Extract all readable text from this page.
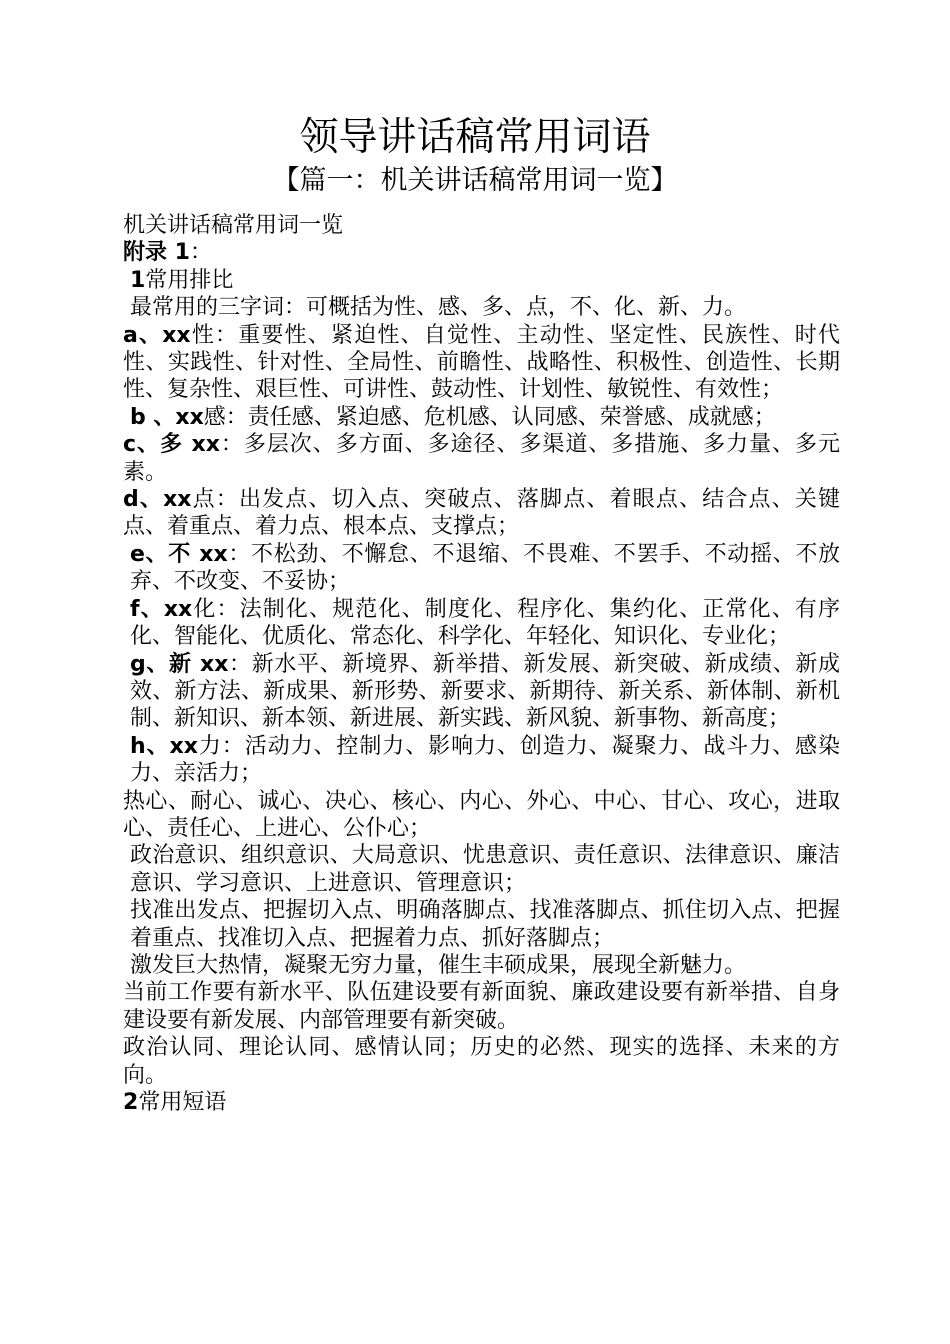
领导讲话稿常用词语
【篇一：机关讲话稿常用词一览】

机关讲话稿常用词一览

附录 1：

1常用排比

最常用的三字词：可概括为性、感、多、点，不、化、新、力。

a、xx性：重要性、紧迫性、自觉性、主动性、坚定性、民族性、时代性、实践性、针对性、全局性、前瞻性、战略性、积极性、创造性、长期性、复杂性、艰巨性、可讲性、鼓动性、计划性、敏锐性、有效性；

b 、xx感：责任感、紧迫感、危机感、认同感、荣誉感、成就感；

c、多 xx：多层次、多方面、多途径、多渠道、多措施、多力量、多元素。

d、xx点：出发点、切入点、突破点、落脚点、着眼点、结合点、关键点、着重点、着力点、根本点、支撑点；

e、不 xx：不松劲、不懈怠、不退缩、不畏难、不罢手、不动摇、不放弃、不改变、不妥协；

f、xx化：法制化、规范化、制度化、程序化、集约化、正常化、有序化、智能化、优质化、常态化、科学化、年轻化、知识化、专业化；

g、新 xx：新水平、新境界、新举措、新发展、新突破、新成绩、新成效、新方法、新成果、新形势、新要求、新期待、新关系、新体制、新机制、新知识、新本领、新进展、新实践、新风貌、新事物、新高度；

h、xx力：活动力、控制力、影响力、创造力、凝聚力、战斗力、感染力、亲活力；

热心、耐心、诚心、决心、核心、内心、外心、中心、甘心、攻心，进取心、责任心、上进心、公仆心；

政治意识、组织意识、大局意识、忧患意识、责任意识、法律意识、廉洁意识、学习意识、上进意识、管理意识；

找准出发点、把握切入点、明确落脚点、找准落脚点、抓住切入点、把握着重点、找准切入点、把握着力点、抓好落脚点；

激发巨大热情，凝聚无穷力量，催生丰硕成果，展现全新魅力。

当前工作要有新水平、队伍建设要有新面貌、廉政建设要有新举措、自身建设要有新发展、内部管理要有新突破。

政治认同、理论认同、感情认同；历史的必然、现实的选择、未来的方向。

2常用短语
